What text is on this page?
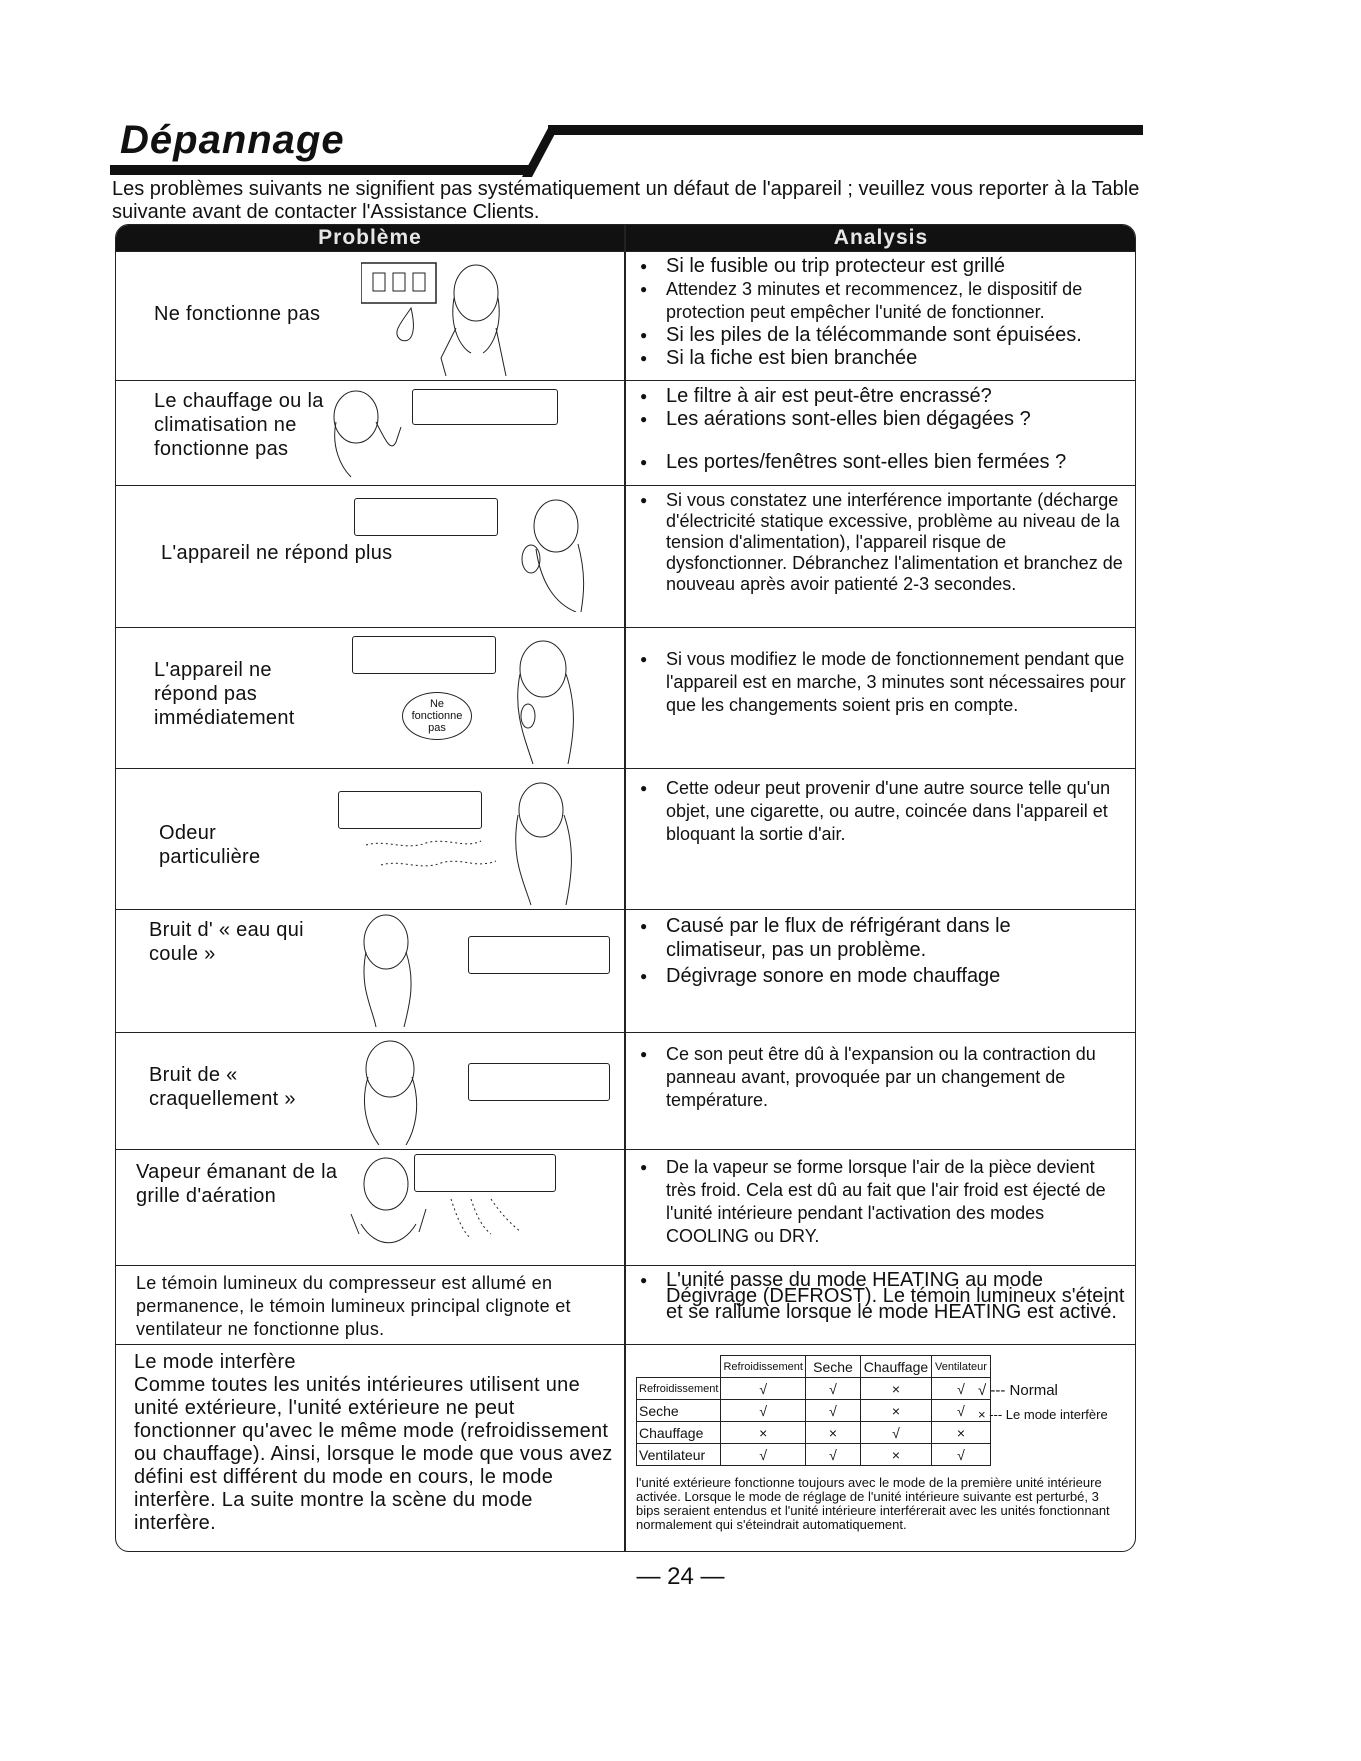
Dépannage

Les problèmes suivants ne signifient pas systématiquement un défaut de l'appareil ; veuillez vous reporter à la Table suivante avant de contacter l'Assistance Clients.

Problème	Analysis
Ne fonctionne pas
● Si le fusible ou trip protecteur est grillé
● Attendez 3 minutes et recommencez, le dispositif de protection peut empêcher l'unité de fonctionner.
● Si les piles de la télécommande sont épuisées.
● Si la fiche est bien branchée
Le chauffage ou la climatisation ne fonctionne pas
● Le filtre à air est peut-être encrassé?
● Les aérations sont-elles bien dégagées ?
● Les portes/fenêtres sont-elles bien fermées ?
L'appareil ne répond plus
● Si vous constatez une interférence importante (décharge d'électricité statique excessive, problème au niveau de la tension d'alimentation), l'appareil risque de dysfonctionner. Débranchez l'alimentation et branchez de nouveau après avoir patienté 2-3 secondes.
L'appareil ne répond pas immédiatement
Ne fonctionne pas
● Si vous modifiez le mode de fonctionnement pendant que l'appareil est en marche, 3 minutes sont nécessaires pour que les changements soient pris en compte.
Odeur particulière
● Cette odeur peut provenir d'une autre source telle qu'un objet, une cigarette, ou autre, coincée dans l'appareil et bloquant la sortie d'air.
Bruit d' « eau qui coule »
● Causé par le flux de réfrigérant dans le climatiseur, pas un problème.
● Dégivrage sonore en mode chauffage
Bruit de « craquellement »
● Ce son peut être dû à l'expansion ou la contraction du panneau avant, provoquée par un changement de température.
Vapeur émanant de la grille d'aération
● De la vapeur se forme lorsque l'air de la pièce devient très froid. Cela est dû au fait que l'air froid est éjecté de l'unité intérieure pendant l'activation des modes COOLING ou DRY.
Le témoin lumineux du compresseur est allumé en permanence, le témoin lumineux principal clignote et ventilateur ne fonctionne plus.
● L'unité passe du mode HEATING au mode Dégivrage (DEFROST). Le témoin lumineux s'éteint et se rallume lorsque le mode HEATING est activé.
Le mode interfère
Comme toutes les unités intérieures utilisent une unité extérieure, l'unité extérieure ne peut fonctionner qu'avec le même mode (refroidissement ou chauffage). Ainsi, lorsque le mode que vous avez défini est différent du mode en cours, le mode interfère. La suite montre la scène du mode interfère.
	Refroidissement	Seche	Chauffage	Ventilateur
Refroidissement	√	√	×	√
Seche	√	√	×	√
Chauffage	×	×	√	×
Ventilateur	√	√	×	√
√ --- Normal
× --- Le mode interfère
l'unité extérieure fonctionne toujours avec le mode de la première unité intérieure activée. Lorsque le mode de réglage de l'unité intérieure suivante est perturbé, 3 bips seraient entendus et l'unité intérieure interférerait avec les unités fonctionnant normalement qui s'éteindrait automatiquement.
— 24 —
